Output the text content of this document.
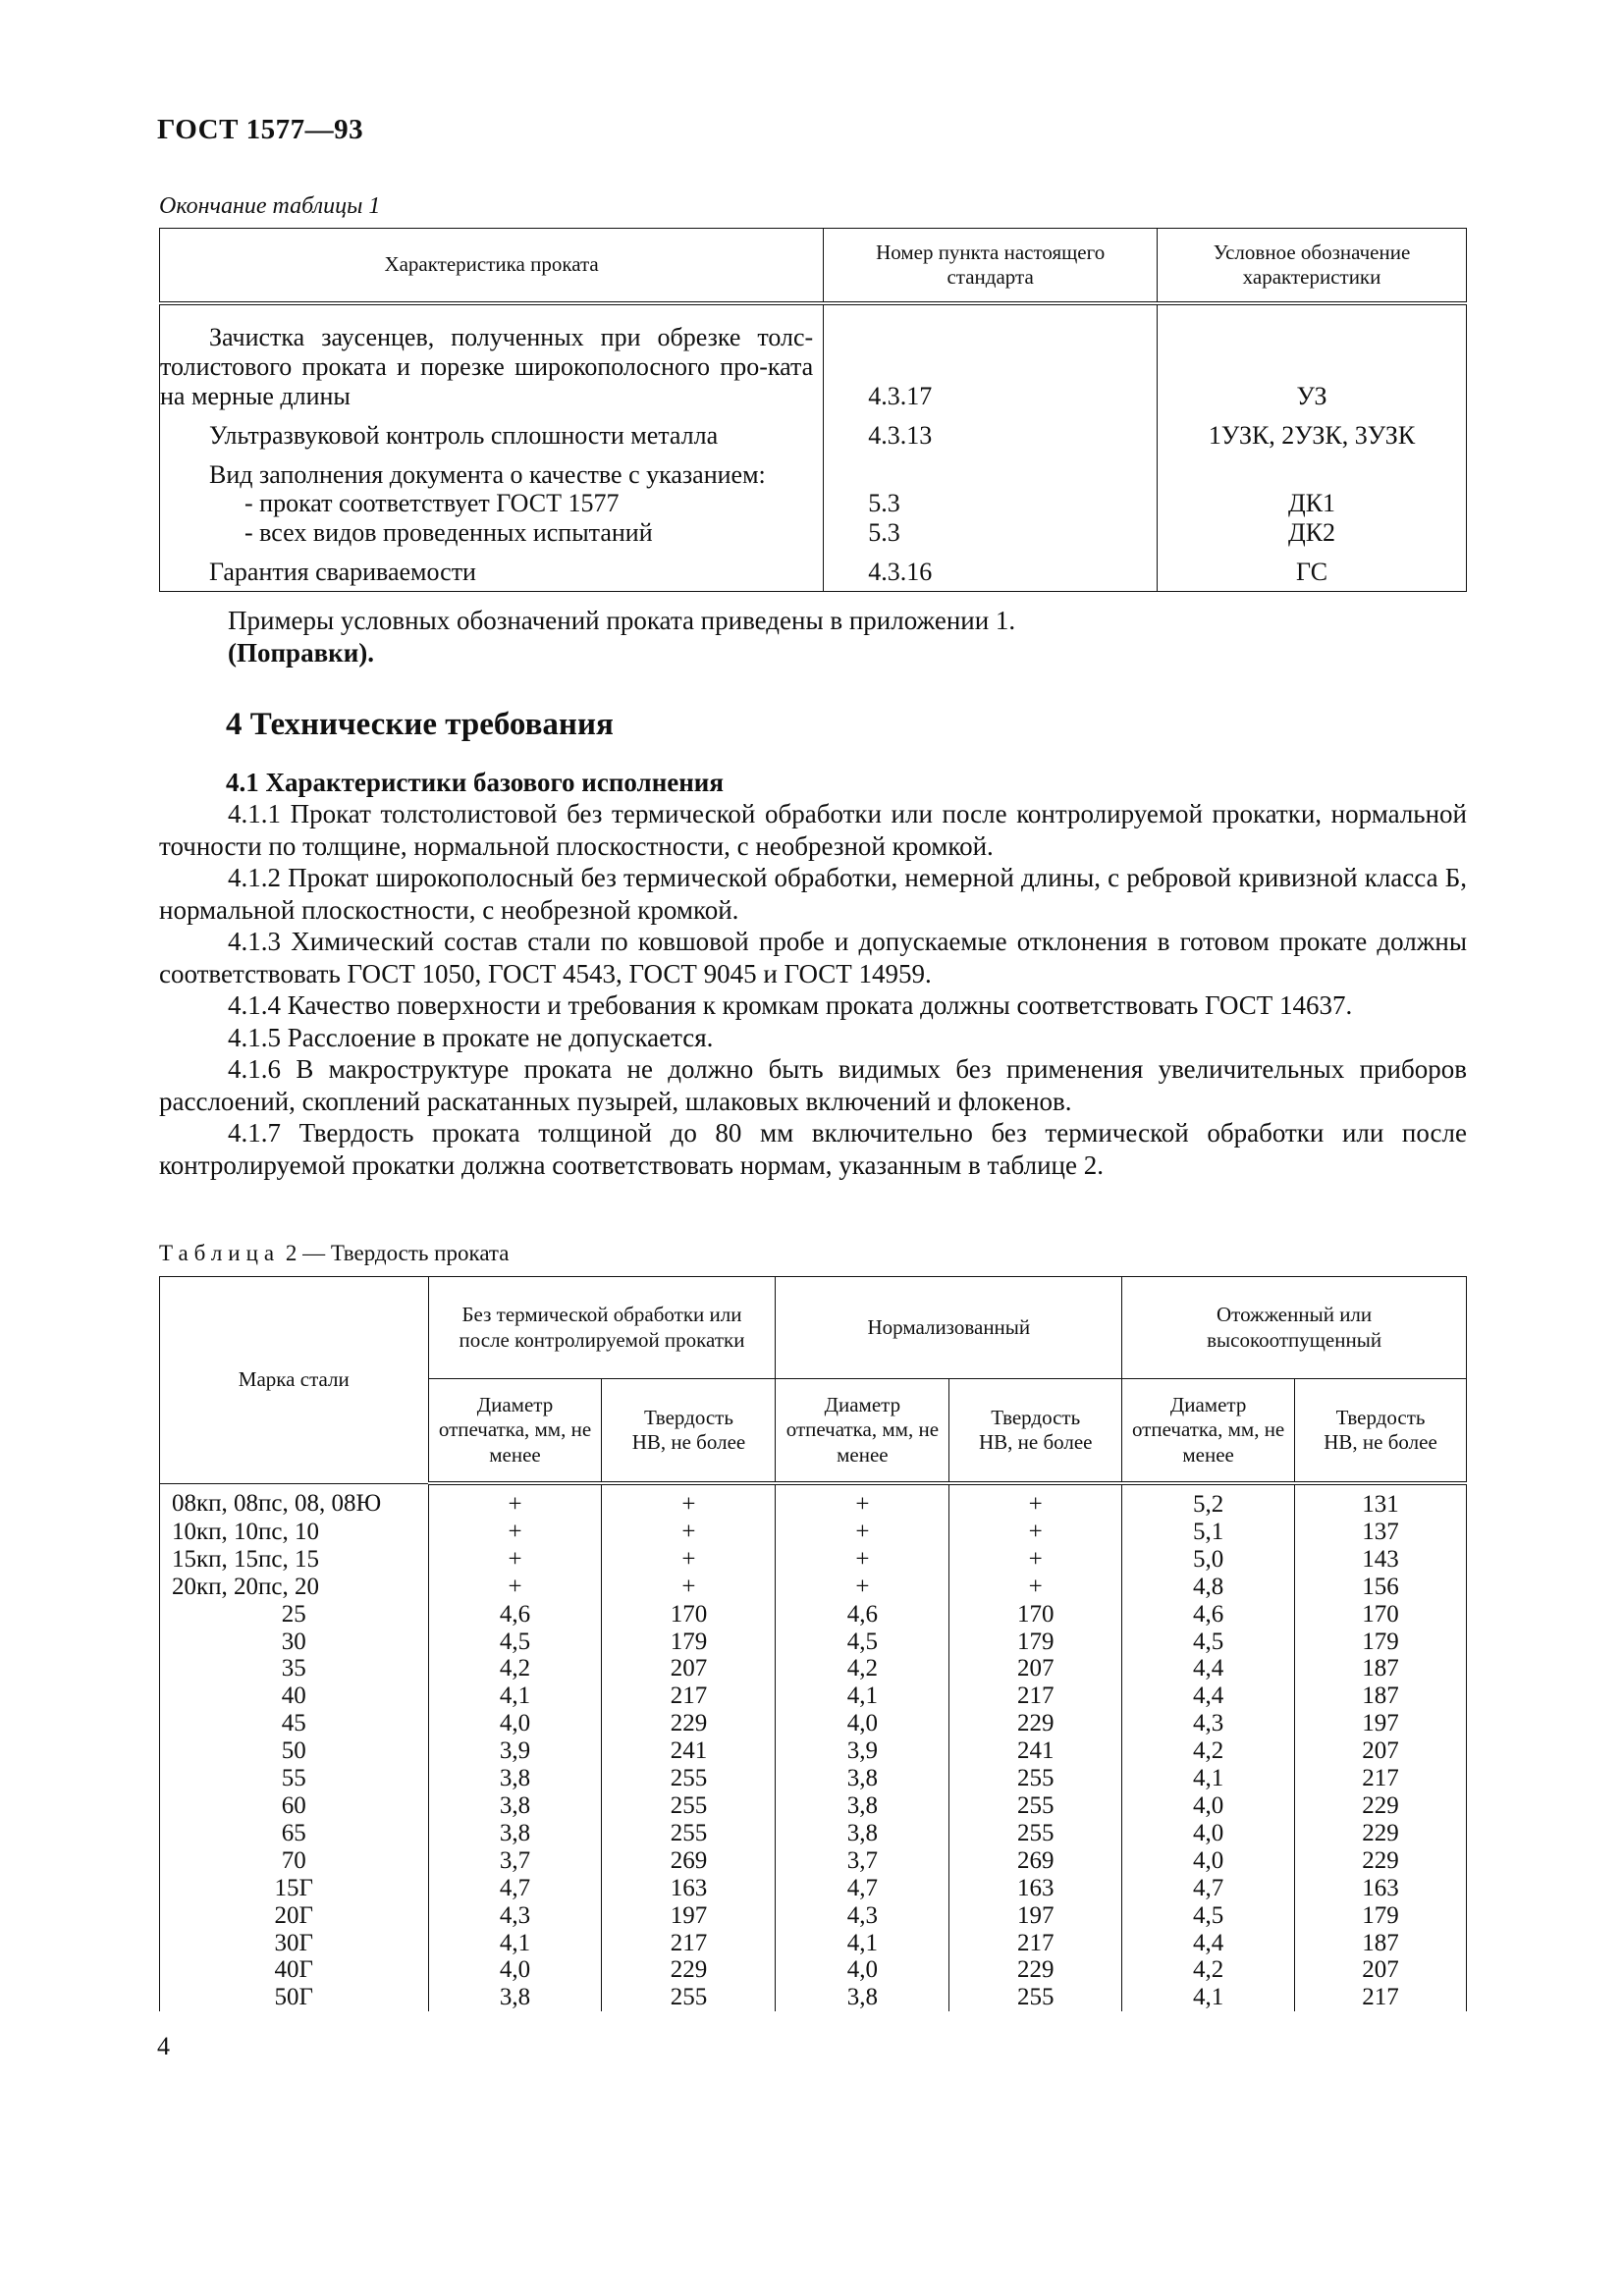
ГОСТ 1577—93
Окончание таблицы 1
Характеристика проката	Номер пункта настоящего стандарта	Условное обозначение характеристики

Зачистка заусенцев, полученных при обрезке толс-толистового проката и порезке широкополосного про-ката на мерные длины	4.3.17	УЗ
Ультразвуковой контроль сплошности металла	4.3.13	1УЗК, 2УЗК, 3УЗК
Вид заполнения документа о качестве с указанием:		

- прокат соответствует ГОСТ 1577	5.3	ДК1

- всех видов проведенных испытаний	5.3	ДК2
Гарантия свариваемости	4.3.16	ГС
Примеры условных обозначений проката приведены в приложении 1.
(Поправки).
4 Технические требования
4.1 Характеристики базового исполнения
4.1.1 Прокат толстолистовой без термической обработки или после контролируемой прокатки, нормальной точности по толщине, нормальной плоскостности, с необрезной кромкой.
4.1.2 Прокат широкополосный без термической обработки, немерной длины, с ребровой кривизной класса Б, нормальной плоскостности, с необрезной кромкой.
4.1.3 Химический состав стали по ковшовой пробе и допускаемые отклонения в готовом прокате должны соответствовать ГОСТ 1050, ГОСТ 4543, ГОСТ 9045 и ГОСТ 14959.
4.1.4 Качество поверхности и требования к кромкам проката должны соответствовать ГОСТ 14637.
4.1.5 Расслоение в прокате не допускается.
4.1.6 В макроструктуре проката не должно быть видимых без применения увеличительных приборов расслоений, скоплений раскатанных пузырей, шлаковых включений и флокенов.
4.1.7 Твердость проката толщиной до 80 мм включительно без термической обработки или после контролируемой прокатки должна соответствовать нормам, указанным в таблице 2.
Таблица 2 — Твердость проката
Марка стали	Без термической обработки или после контролируемой прокатки		Нормализованный		Отожженный или высокоотпущенный	

	Диаметр отпечатка, мм, не менее	Твердость НВ, не более	Диаметр отпечатка, мм, не менее	Твердость НВ, не более	Диаметр отпечатка, мм, не менее	Твердость НВ, не более

08кп, 08пс, 08, 08Ю	+	+	+	+	5,2	131
10кп, 10пс, 10	+	+	+	+	5,1	137
15кп, 15пс, 15	+	+	+	+	5,0	143
20кп, 20пс, 20	+	+	+	+	4,8	156
25	4,6	170	4,6	170	4,6	170
30	4,5	179	4,5	179	4,5	179
35	4,2	207	4,2	207	4,4	187
40	4,1	217	4,1	217	4,4	187
45	4,0	229	4,0	229	4,3	197
50	3,9	241	3,9	241	4,2	207
55	3,8	255	3,8	255	4,1	217
60	3,8	255	3,8	255	4,0	229
65	3,8	255	3,8	255	4,0	229
70	3,7	269	3,7	269	4,0	229
15Г	4,7	163	4,7	163	4,7	163
20Г	4,3	197	4,3	197	4,5	179
30Г	4,1	217	4,1	217	4,4	187
40Г	4,0	229	4,0	229	4,2	207
50Г	3,8	255	3,8	255	4,1	217
4
